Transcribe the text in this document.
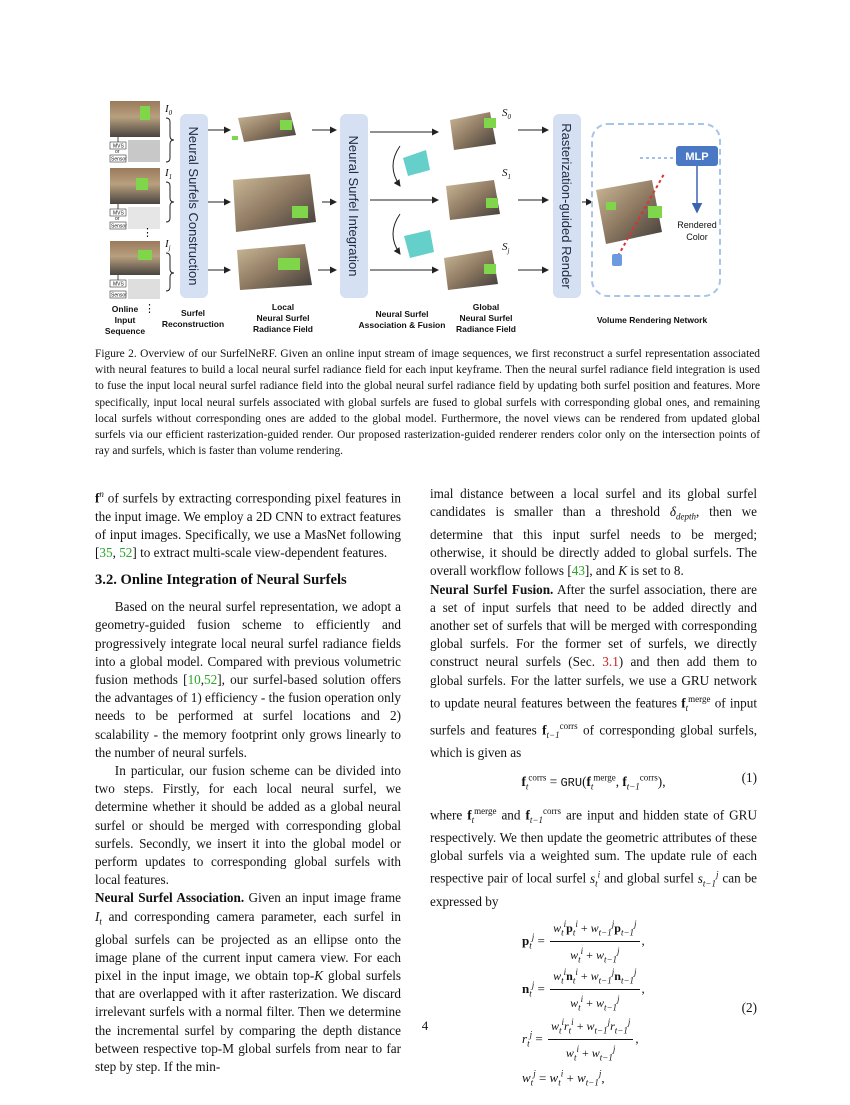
MVS
or
Sensor
MVS
or
Sensor
MVS
Sensor
⋮
⋮
$I_0$
$I_1$
$I_j$ Neural Surfels Construction	Neural Surfel Integration
$S_0$
$S_1$
$S_j$	Rasterization-guided Render	MLP
Rendered
Color
Online
Input
Sequence
Surfel
Reconstruction
Local
Neural Surfel
Radiance Field
Neural Surfel
Association & Fusion
Global
Neural Surfel
Radiance Field
Volume Rendering Network

Figure 2. Overview of our SurfelNeRF. Given an online input stream of image sequences, we first reconstruct a surfel representation associated with neural features to build a local neural surfel radiance field for each input keyframe. Then the neural surfel radiance field integration is used to fuse the input local neural surfel radiance field into the global neural surfel radiance field by updating both surfel position and features. More specifically, input local neural surfels associated with global surfels are fused to global surfels with corresponding global ones, and remaining local surfels without corresponding ones are added to the global model. Furthermore, the novel views can be rendered from updated global surfels via our efficient rasterization-guided render. Our proposed rasterization-guided renderer renders color only on the intersection points of ray and surfels, which is faster than volume rendering.

$f^n$ of surfels by extracting corresponding pixel features in the input image. We employ a 2D CNN to extract features of input images. Specifically, we use a MasNet following [35, 52] to extract multi-scale view-dependent features.

3.2. Online Integration of Neural Surfels

Based on the neural surfel representation, we adopt a geometry-guided fusion scheme to efficiently and progressively integrate local neural surfel radiance fields into a global model. Compared with previous volumetric fusion methods [10,52], our surfel-based solution offers the advantages of 1) efficiency - the fusion operation only needs to be performed at surfel locations and 2) scalability - the memory footprint only grows linearly to the number of neural surfels.

In particular, our fusion scheme can be divided into two steps. Firstly, for each local neural surfel, we determine whether it should be added as a global neural surfel or should be merged with corresponding global surfels. Secondly, we insert it into the global model or perform updates to corresponding global surfels with local features.

Neural Surfel Association. Given an input image frame $I_t$ and corresponding camera parameter, each surfel in global surfels can be projected as an ellipse onto the image plane of the current input camera view. For each pixel in the input image, we obtain top-K global surfels that are overlapped with it after rasterization. We discard irrelevant surfels with a normal filter. Then we determine the incremental surfel by comparing the depth distance between respective top-M global surfels from near to far step by step. If the min-

imal distance between a local surfel and its global surfel candidates is smaller than a threshold $\delta_{depth}$, then we determine that this input surfel needs to be merged; otherwise, it should be directly added to global surfels. The overall workflow follows [43], and K is set to 8.

Neural Surfel Fusion. After the surfel association, there are a set of input surfels that need to be added directly and another set of surfels that will be merged with corresponding global surfels. For the former set of surfels, we directly construct neural surfels (Sec. 3.1) and then add them to global surfels. For the latter surfels, we use a GRU network to update neural features between the features $f_t^{merge}$ of input surfels and features $f_{t-1}^{corrs}$ of corresponding global surfels, which is given as

$f_t^{corrs} = GRU(f_t^{merge}$, $f_{t-1}^{corrs}$),	(1)

where $f_t^{merge}$ and $f_{t-1}^{corrs}$ are input and hidden state of GRU respectively. We then update the geometric attributes of these global surfels via a weighted sum. The update rule of each respective pair of local surfel $s_t^i$ and global surfel $s_{t-1}^j$ can be expressed by

$p_t^j = \frac{w_t^ip_t^i + w_{t-1}^jp_{t-1}^j}{w_t^i + w_{t-1}^j}$ ,
$n_t^j = \frac{w_t^in_t^i + w_{t-1}^jn_{t-1}^j}{w_t^i + w_{t-1}^j}$ ,
$r_t^j = \frac{w_t^ir_t^i + w_{t-1}^jr_{t-1}^j}{w_t^i + w_{t-1}^j}$ ,
$w_t^j = w_t^i + w_{t-1}^j$,
(2)
4
